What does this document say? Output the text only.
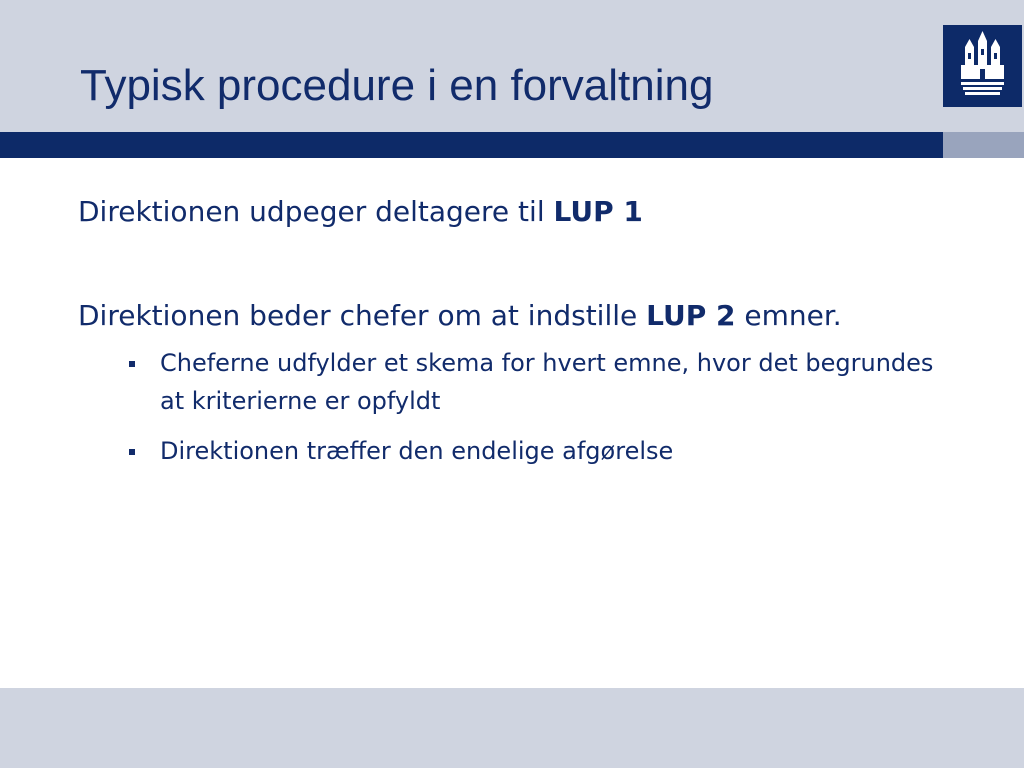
Typisk procedure i en forvaltning

Direktionen udpeger deltagere til LUP 1

Direktionen beder chefer om at indstille LUP 2 emner.

Cheferne udfylder et skema for hvert emne, hvor det begrundes at kriterierne er opfyldt
Direktionen træffer den endelige afgørelse
